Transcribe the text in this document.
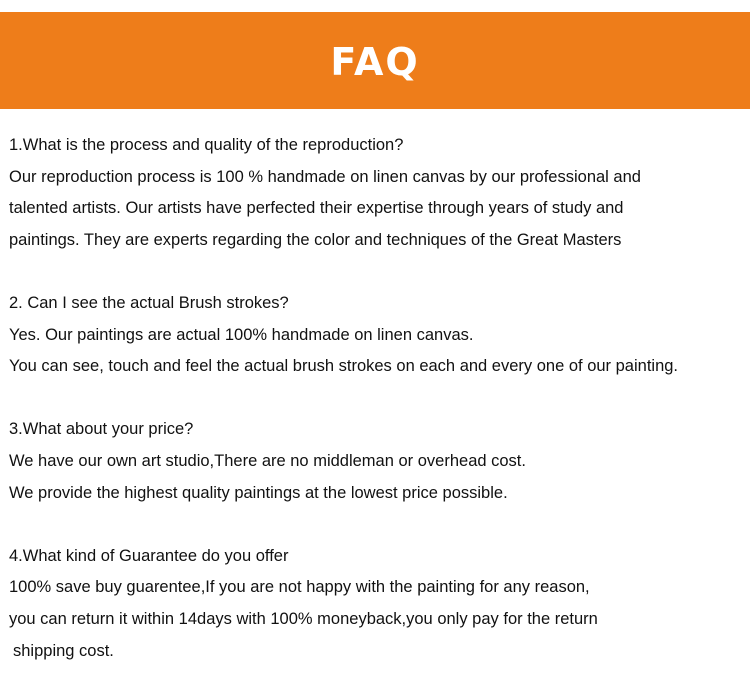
FAQ
1.What is the process and quality of the reproduction?
Our reproduction process is 100 % handmade on linen canvas by our professional and
talented artists. Our artists have perfected their expertise through years of study and
paintings. They are experts regarding the color and techniques of the Great Masters
2. Can I see the actual Brush strokes?
Yes. Our paintings are actual 100% handmade on linen canvas.
You can see, touch and feel the actual brush strokes on each and every one of our painting.
3.What about your price?
We have our own art studio,There are no middleman or overhead cost.
We provide the highest quality paintings at the lowest price possible.
4.What kind of Guarantee do you offer
100% save buy guarentee,If you are not happy with the painting for any reason,
you can return it within 14days with 100% moneyback,you only pay for the return
shipping cost.
